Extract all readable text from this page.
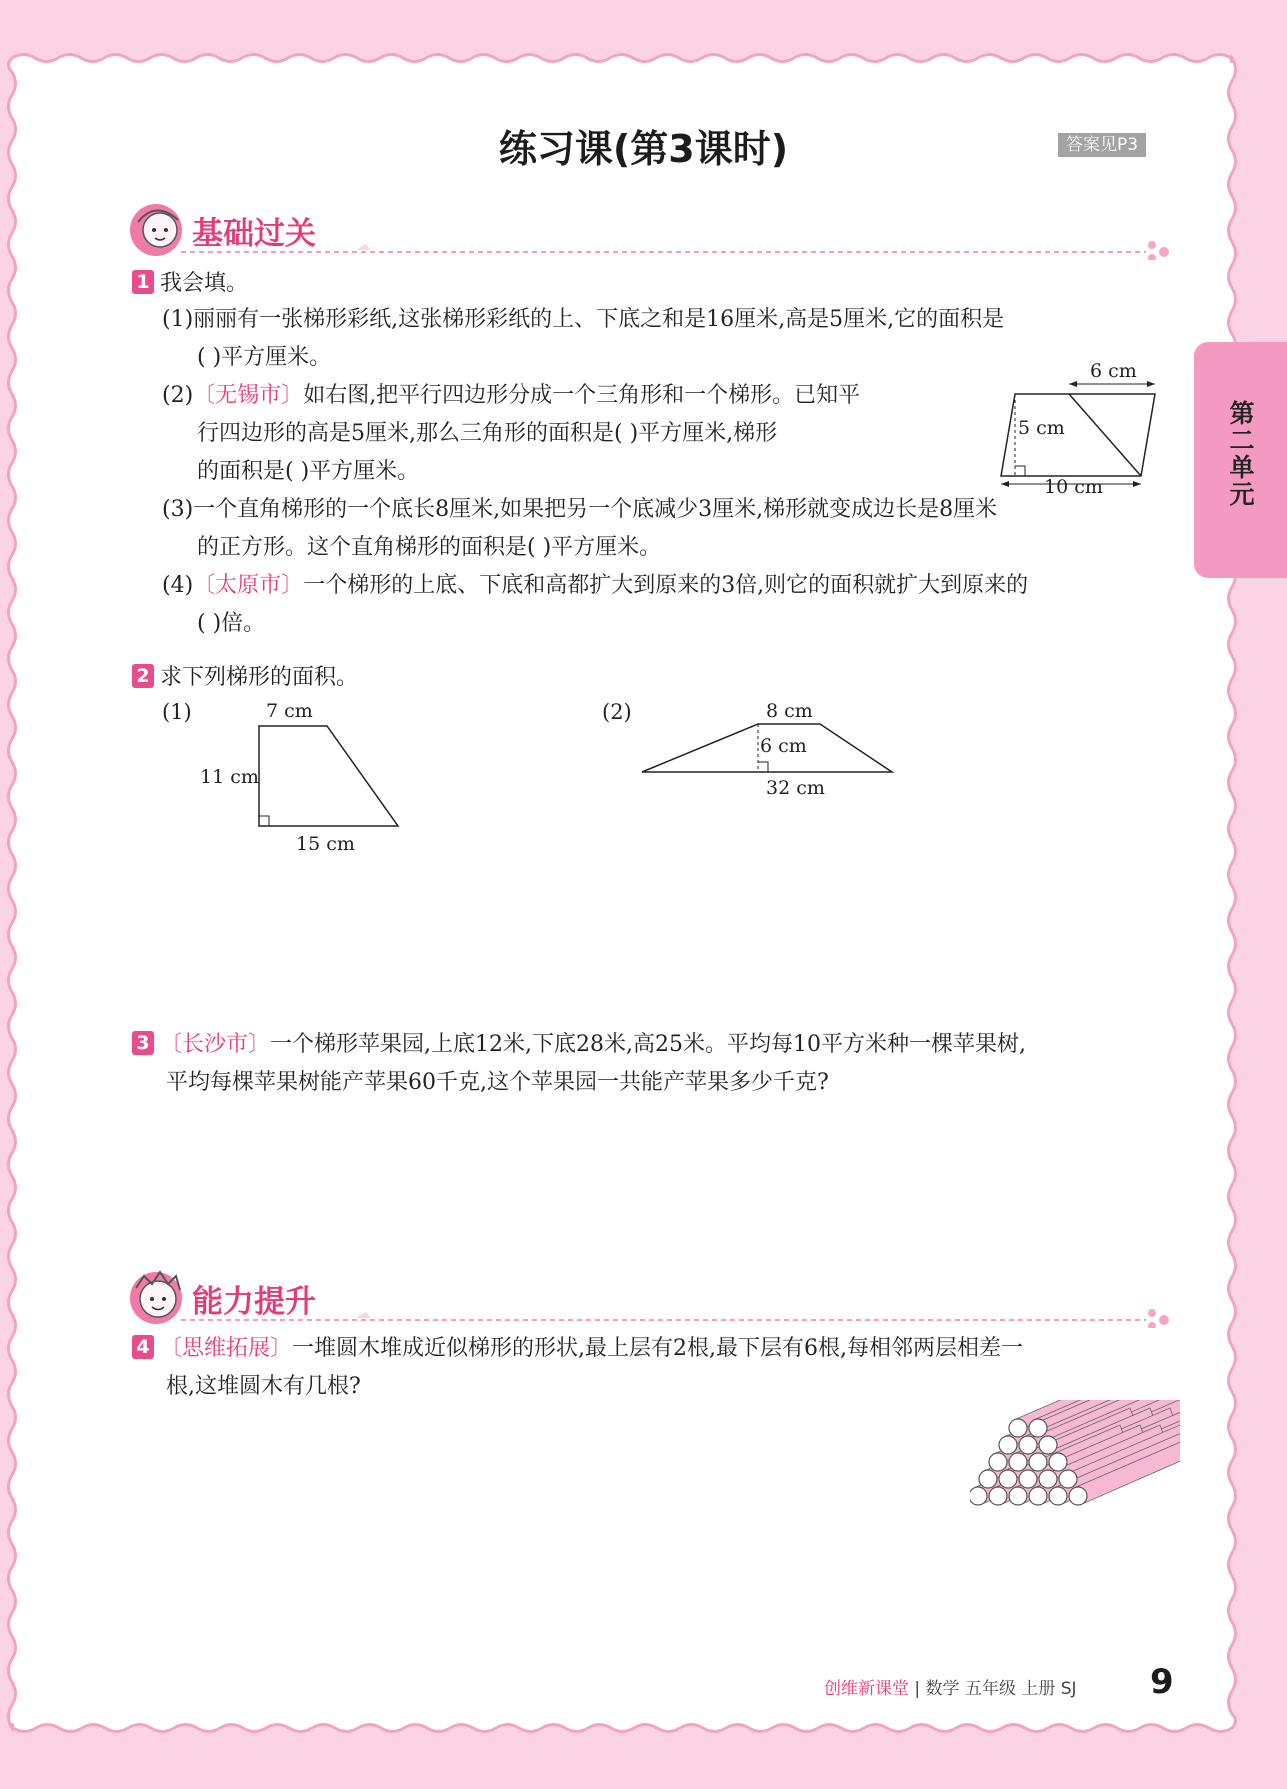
第二单元
练习课(第3课时)	答案见P3
基础过关
1 我会填。
(1)丽丽有一张梯形彩纸,这张梯形彩纸的上、下底之和是16厘米,高是5厘米,它的面积是
( )平方厘米。
(2)〔无锡市〕如右图,把平行四边形分成一个三角形和一个梯形。已知平
行四边形的高是5厘米,那么三角形的面积是( )平方厘米,梯形
的面积是( )平方厘米。
(3)一个直角梯形的一个底长8厘米,如果把另一个底减少3厘米,梯形就变成边长是8厘米
的正方形。这个直角梯形的面积是( )平方厘米。
(4)〔太原市〕一个梯形的上底、下底和高都扩大到原来的3倍,则它的面积就扩大到原来的
( )倍。
6 cm
5 cm
10 cm
2 求下列梯形的面积。
(1)	7 cm
11 cm
15 cm
(2)	8 cm
6 cm
32 cm
3 〔长沙市〕一个梯形苹果园,上底12米,下底28米,高25米。平均每10平方米种一棵苹果树,
平均每棵苹果树能产苹果60千克,这个苹果园一共能产苹果多少千克?
能力提升
4 〔思维拓展〕一堆圆木堆成近似梯形的形状,最上层有2根,最下层有6根,每相邻两层相差一
根,这堆圆木有几根?
创维新课堂 | 数学 五年级 上册 SJ 9
